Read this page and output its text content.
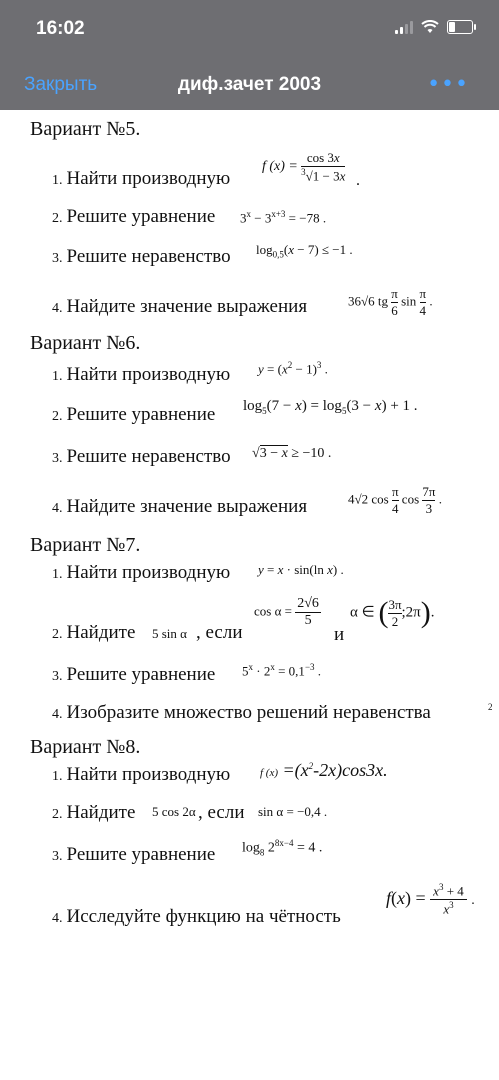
16:02
Закрыть	диф.зачет 2003	•••
Вариант №5.
1. Найти производную
f $(x) = \frac{\cos 3x}{^3√1 - 3x}$ .
2. Решите уравнение $3^x - 3^{x+3} = -78$ .
3. Решите неравенство $\log_{0,5}(x - 7) \le -1$ .
4. Найдите значение выражения	36√6 tg $\frac{\pi}{6}$ $\sin \frac{\pi}{4}$ .
Вариант №6.
1. Найти производную $y = (x^2 - 1)^3$ .
2. Решите уравнение $\log_5(7 - x) = \log_5(3 - x) + 1$ .
3. Решите неравенство √3 − x ≥ −10 .
4. Найдите значение выражения	4√2 $\cos \frac{\pi}{4}$ $\cos \frac{7\pi}{3}$ .
Вариант №7.
1. Найти производную y = x · sin(ln x) .
2. Найдите 5 sin α , если
$\cos \alpha = \frac{2√6}{5}$
и
α ∈ ( $\frac{3\pi}{2}$ ;2π).
3. Решите уравнение $5^x \cdot 2^x = 0,1^{-3}$ .
4. Изобразите множество решений неравенства	2
Вариант №8.
1. Найти производную	f $(x) =(x^2-2x)\cos 3x$.
2. Найдите 5 cos 2α , если sin α = −0,4 .
3. Решите уравнение $\log_8 2^{8x-4} = 4$ .
4. Исследуйте функцию на чётность
$f(x) = \frac{x^3 + 4}{x^3}$ .
